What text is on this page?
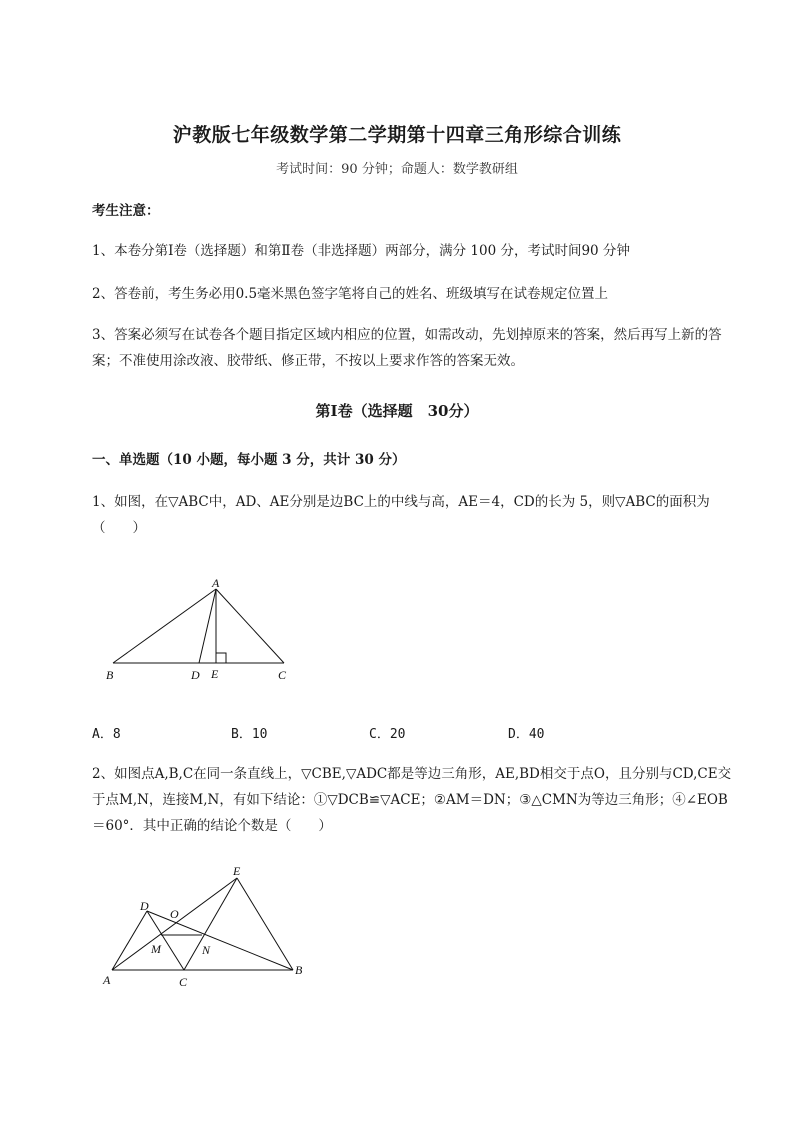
沪教版七年级数学第二学期第十四章三角形综合训练
考试时间：90 分钟；命题人：数学教研组
考生注意：
1、本卷分第Ⅰ卷（选择题）和第Ⅱ卷（非选择题）两部分，满分 100 分，考试时间90 分钟
2、答卷前，考生务必用0.5毫米黑色签字笔将自己的姓名、班级填写在试卷规定位置上
3、答案必须写在试卷各个题目指定区域内相应的位置，如需改动，先划掉原来的答案，然后再写上新的答案；不准使用涂改液、胶带纸、修正带，不按以上要求作答的答案无效。
第Ⅰ卷（选择题　30分）
一、单选题（10 小题，每小题 3 分，共计 30 分）
1、如图，在▽ABC中，AD、AE分别是边BC上的中线与高，AE＝4，CD的长为 5，则▽ABC的面积为（　　）
A
B	D E	C
A．8	B．10	C．20	D．40
2、如图点A,B,C在同一条直线上，▽CBE,▽ADC都是等边三角形，AE,BD相交于点O，且分别与CD,CE交于点M,N，连接M,N，有如下结论：①▽DCB≌▽ACE；②AM＝DN；③△CMN为等边三角形；④∠EOB＝60°．其中正确的结论个数是（　　）
E
D
O
M	N
A	C
B
